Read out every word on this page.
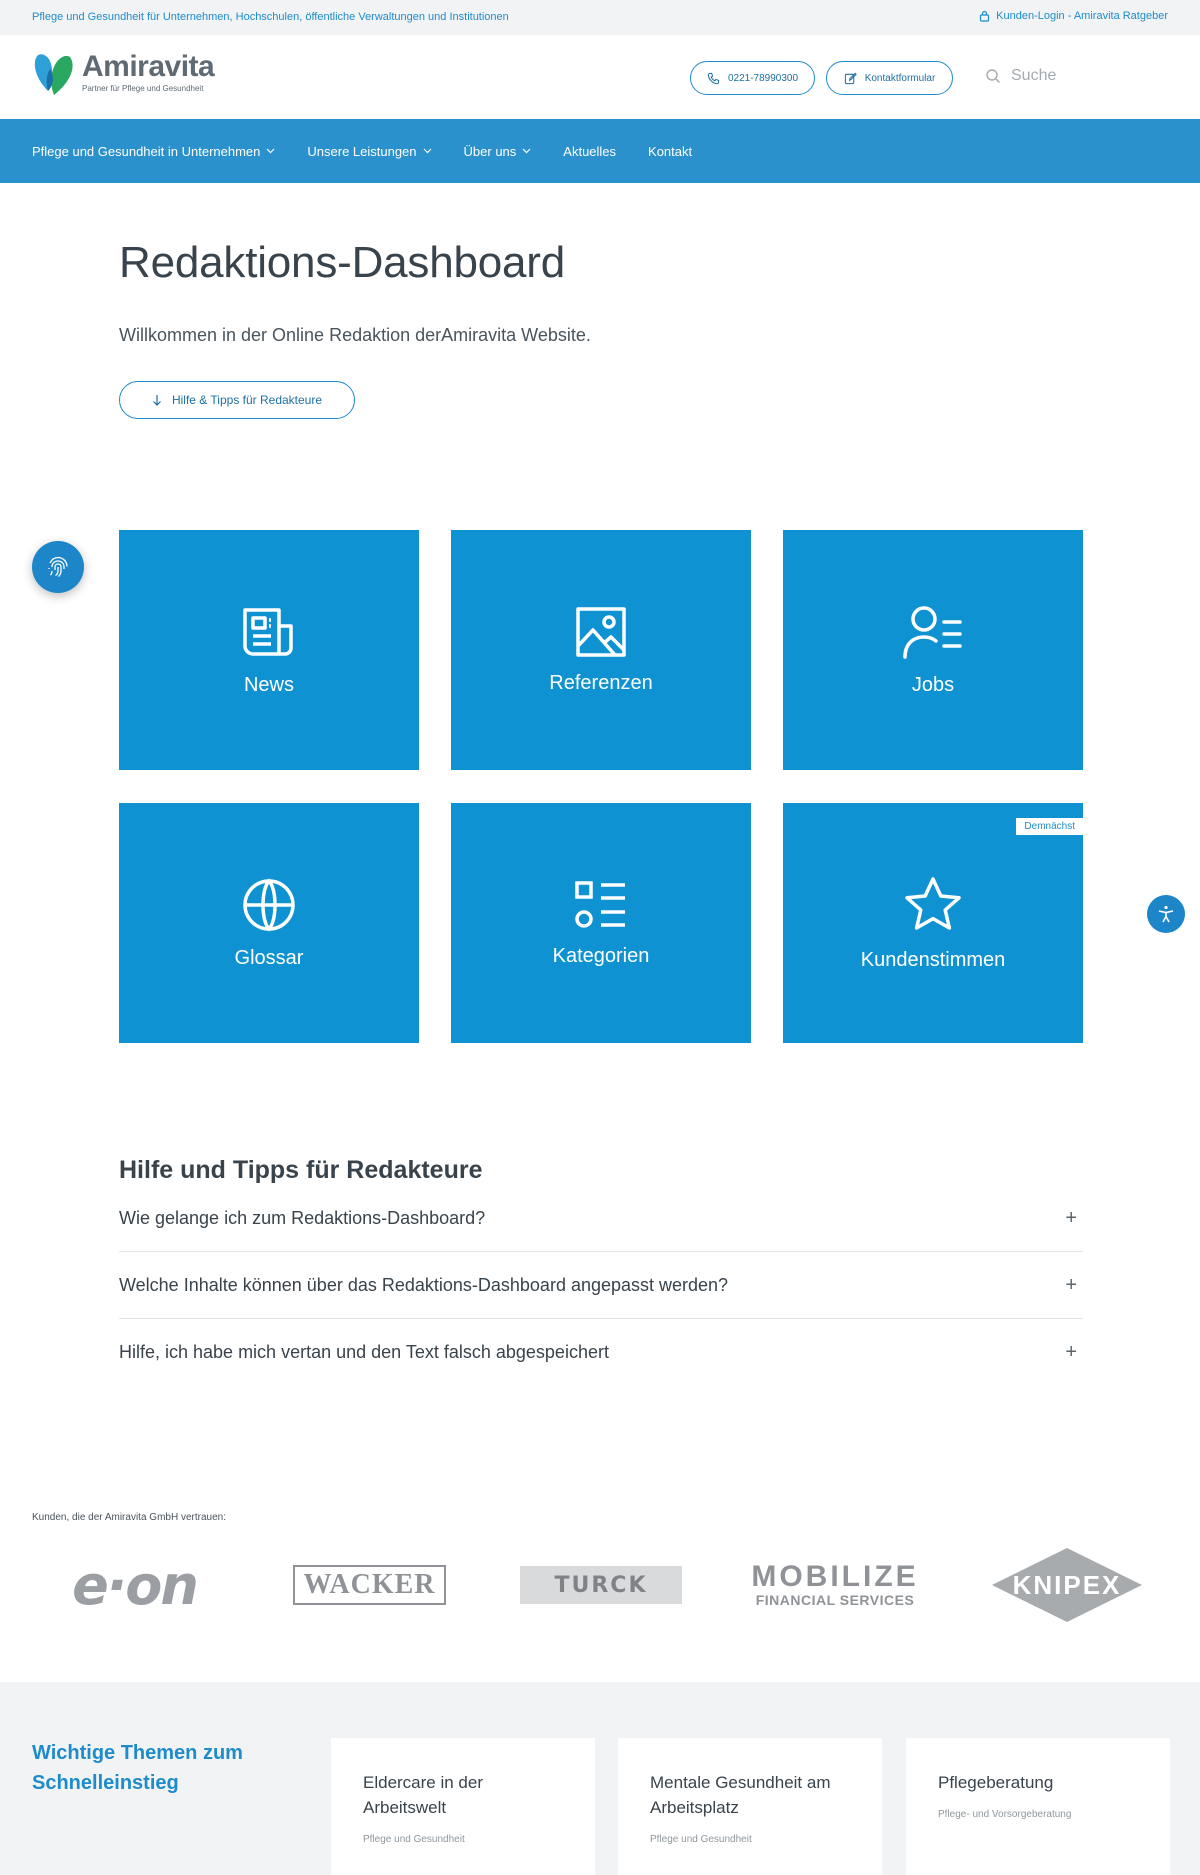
Pflege und Gesundheit für Unternehmen, Hochschulen, öffentliche Verwaltungen und Institutionen	Kunden-Login - Amiravita Ratgeber
Amiravita
Partner für Pflege und Gesundheit
0221-78990300	Kontaktformular	Suche
Pflege und Gesundheit in Unternehmen	Unsere Leistungen	Über uns	Aktuelles Kontakt
Redaktions-Dashboard

Willkommen in der Online Redaktion derAmiravita Website.

Hilfe & Tipps für Redakteure
News	Referenzen	Jobs
Glossar	Kategorien
Demnächst
Kundenstimmen
Hilfe und Tipps für Redakteure
Wie gelange ich zum Redaktions-Dashboard?	+
Welche Inhalte können über das Redaktions-Dashboard angepasst werden?	+
Hilfe, ich habe mich vertan und den Text falsch abgespeichert	+

Kunden, die der Amiravita GmbH vertrauen:

e·on	WACKER	TURCK	MOBILIZE
FINANCIAL SERVICES
KNIPEX
Wichtige Themen zum Schnelleinstieg	Eldercare in der Arbeitswelt
Pflege und Gesundheit
Mentale Gesundheit am Arbeitsplatz
Pflege und Gesundheit
Pflegeberatung
Pflege- und Vorsorgeberatung
